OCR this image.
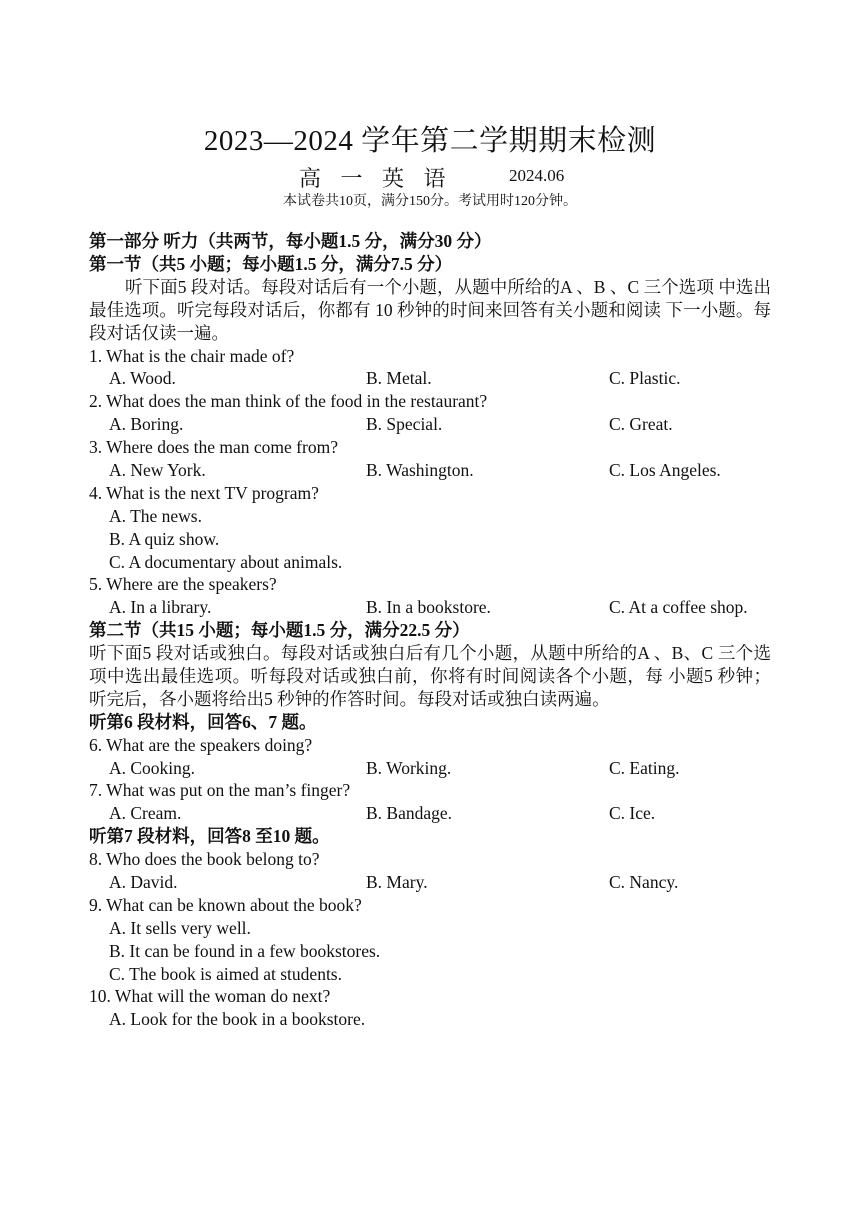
2023—2024 学年第二学期期末检测
高 一 英 语	2024.06
本试卷共10页，满分150分。考试用时120分钟。
第一部分 听力（共两节，每小题1.5 分，满分30 分）
第一节（共5 小题；每小题1.5 分，满分7.5 分）
听下面5 段对话。每段对话后有一个小题，从题中所给的A 、B 、C 三个选项 中选出最佳选项。听完每段对话后，你都有 10 秒钟的时间来回答有关小题和阅读 下一小题。每段对话仅读一遍。
1. What is the chair made of?
A. Wood.	B. Metal.	C. Plastic.
2. What does the man think of the food in the restaurant?
A. Boring.	B. Special.	C. Great.
3. Where does the man come from?
A. New York.	B. Washington.	C. Los Angeles.
4. What is the next TV program?
A. The news.
B. A quiz show.
C. A documentary about animals.
5. Where are the speakers?
A. In a library.	B. In a bookstore.	C. At a coffee shop.
第二节（共15 小题；每小题1.5 分，满分22.5 分）
听下面5 段对话或独白。每段对话或独白后有几个小题，从题中所给的A 、B、C 三个选项中选出最佳选项。听每段对话或独白前，你将有时间阅读各个小题，每 小题5 秒钟；听完后，各小题将给出5 秒钟的作答时间。每段对话或独白读两遍。
听第6 段材料，回答6、7 题。
6. What are the speakers doing?
A. Cooking.	B. Working.	C. Eating.
7. What was put on the man’s finger?
A. Cream.	B. Bandage.	C. Ice.
听第7 段材料，回答8 至10 题。
8. Who does the book belong to?
A. David.	B. Mary.	C. Nancy.
9. What can be known about the book?
A. It sells very well.
B. It can be found in a few bookstores.
C. The book is aimed at students.
10. What will the woman do next?
A. Look for the book in a bookstore.
